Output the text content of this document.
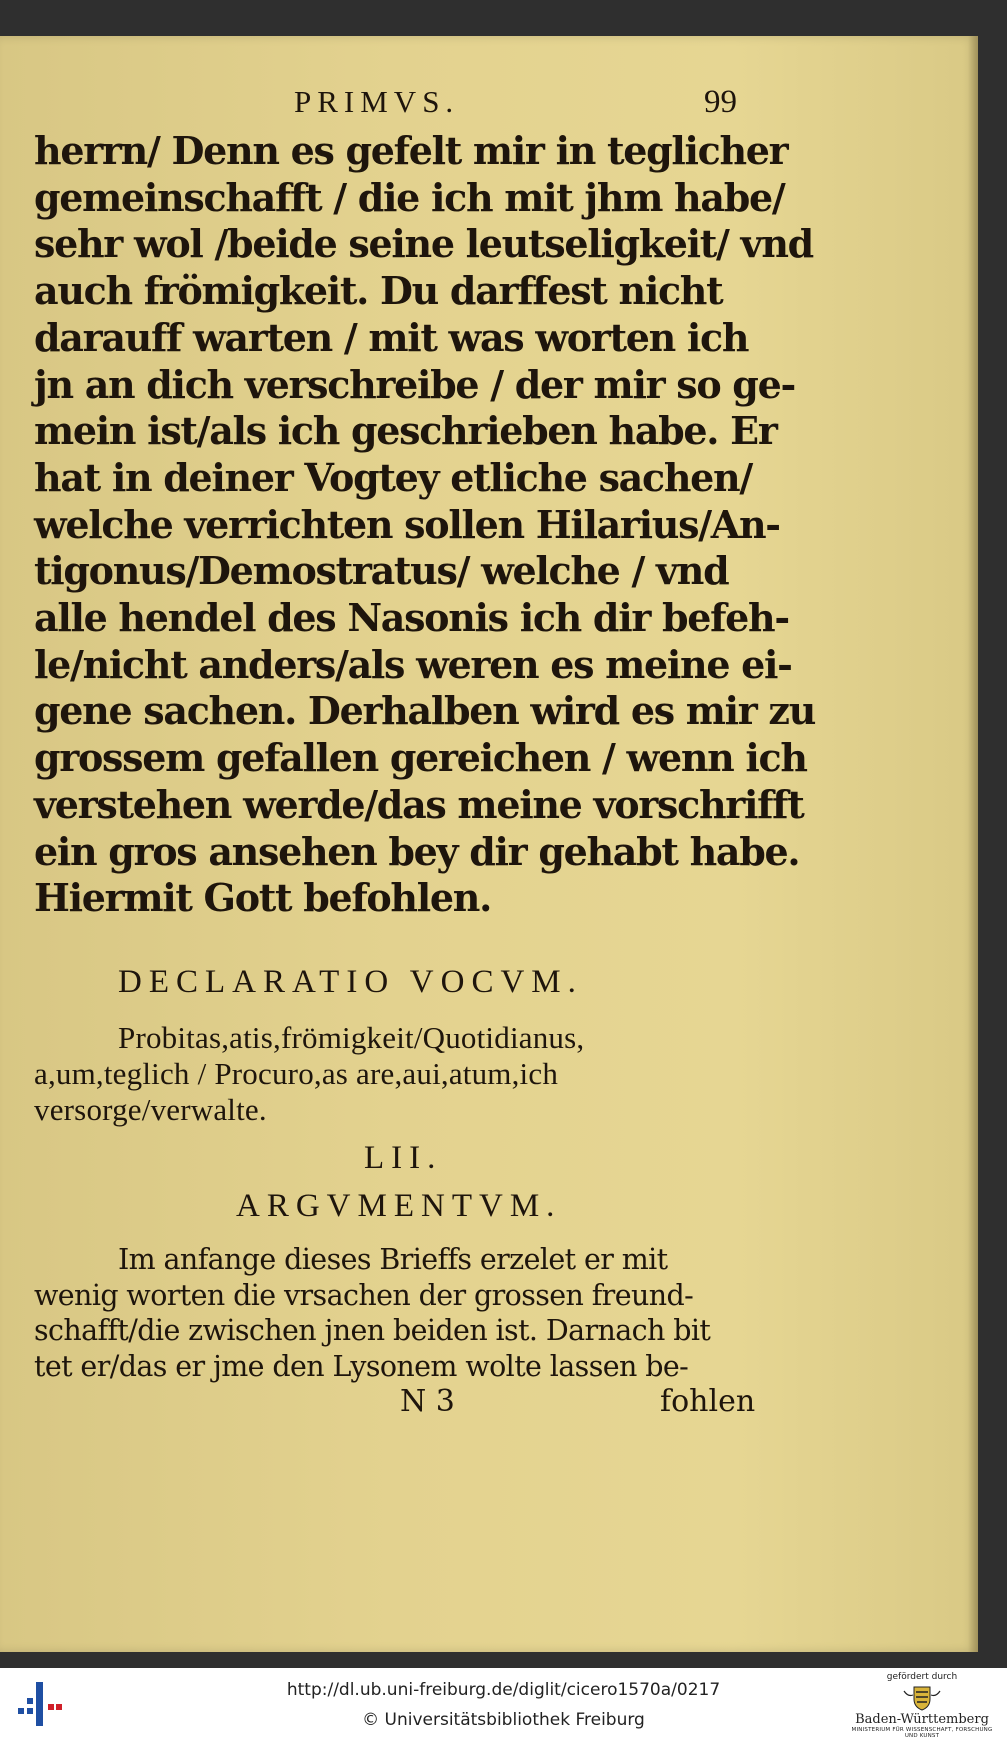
PRIMVS.	99
herrn/ Denn es gefelt mir in teglicher
gemeinschafft / die ich mit jhm habe/
sehr wol /beide seine leutseligkeit/ vnd
auch frömigkeit. Du darffest nicht
darauff warten / mit was worten ich
jn an dich verschreibe / der mir so ge-
mein ist/als ich geschrieben habe. Er
hat in deiner Vogtey etliche sachen/
welche verrichten sollen Hilarius/An-
tigonus/Demostratus/ welche / vnd
alle hendel des Nasonis ich dir befeh-
le/nicht anders/als weren es meine ei-
gene sachen. Derhalben wird es mir zu
grossem gefallen gereichen / wenn ich
verstehen werde/das meine vorschrifft
ein gros ansehen bey dir gehabt habe.
Hiermit Gott befohlen.
DECLARATIO VOCVM.
Probitas,atis,frömigkeit/Quotidianus,
a,um,teglich / Procuro,as are,aui,atum,ich
versorge/verwalte.
LII.
ARGVMENTVM.
Im anfange dieses Brieffs erzelet er mit
wenig worten die vrsachen der grossen freund-
schafft/die zwischen jnen beiden ist. Darnach bit
tet er/das er jme den Lysonem wolte lassen be-
N 3	fohlen
http://dl.ub.uni-freiburg.de/diglit/cicero1570a/0217
© Universitätsbibliothek Freiburg
gefördert durch
Baden-Württemberg
MINISTERIUM FÜR WISSENSCHAFT, FORSCHUNG UND KUNST
